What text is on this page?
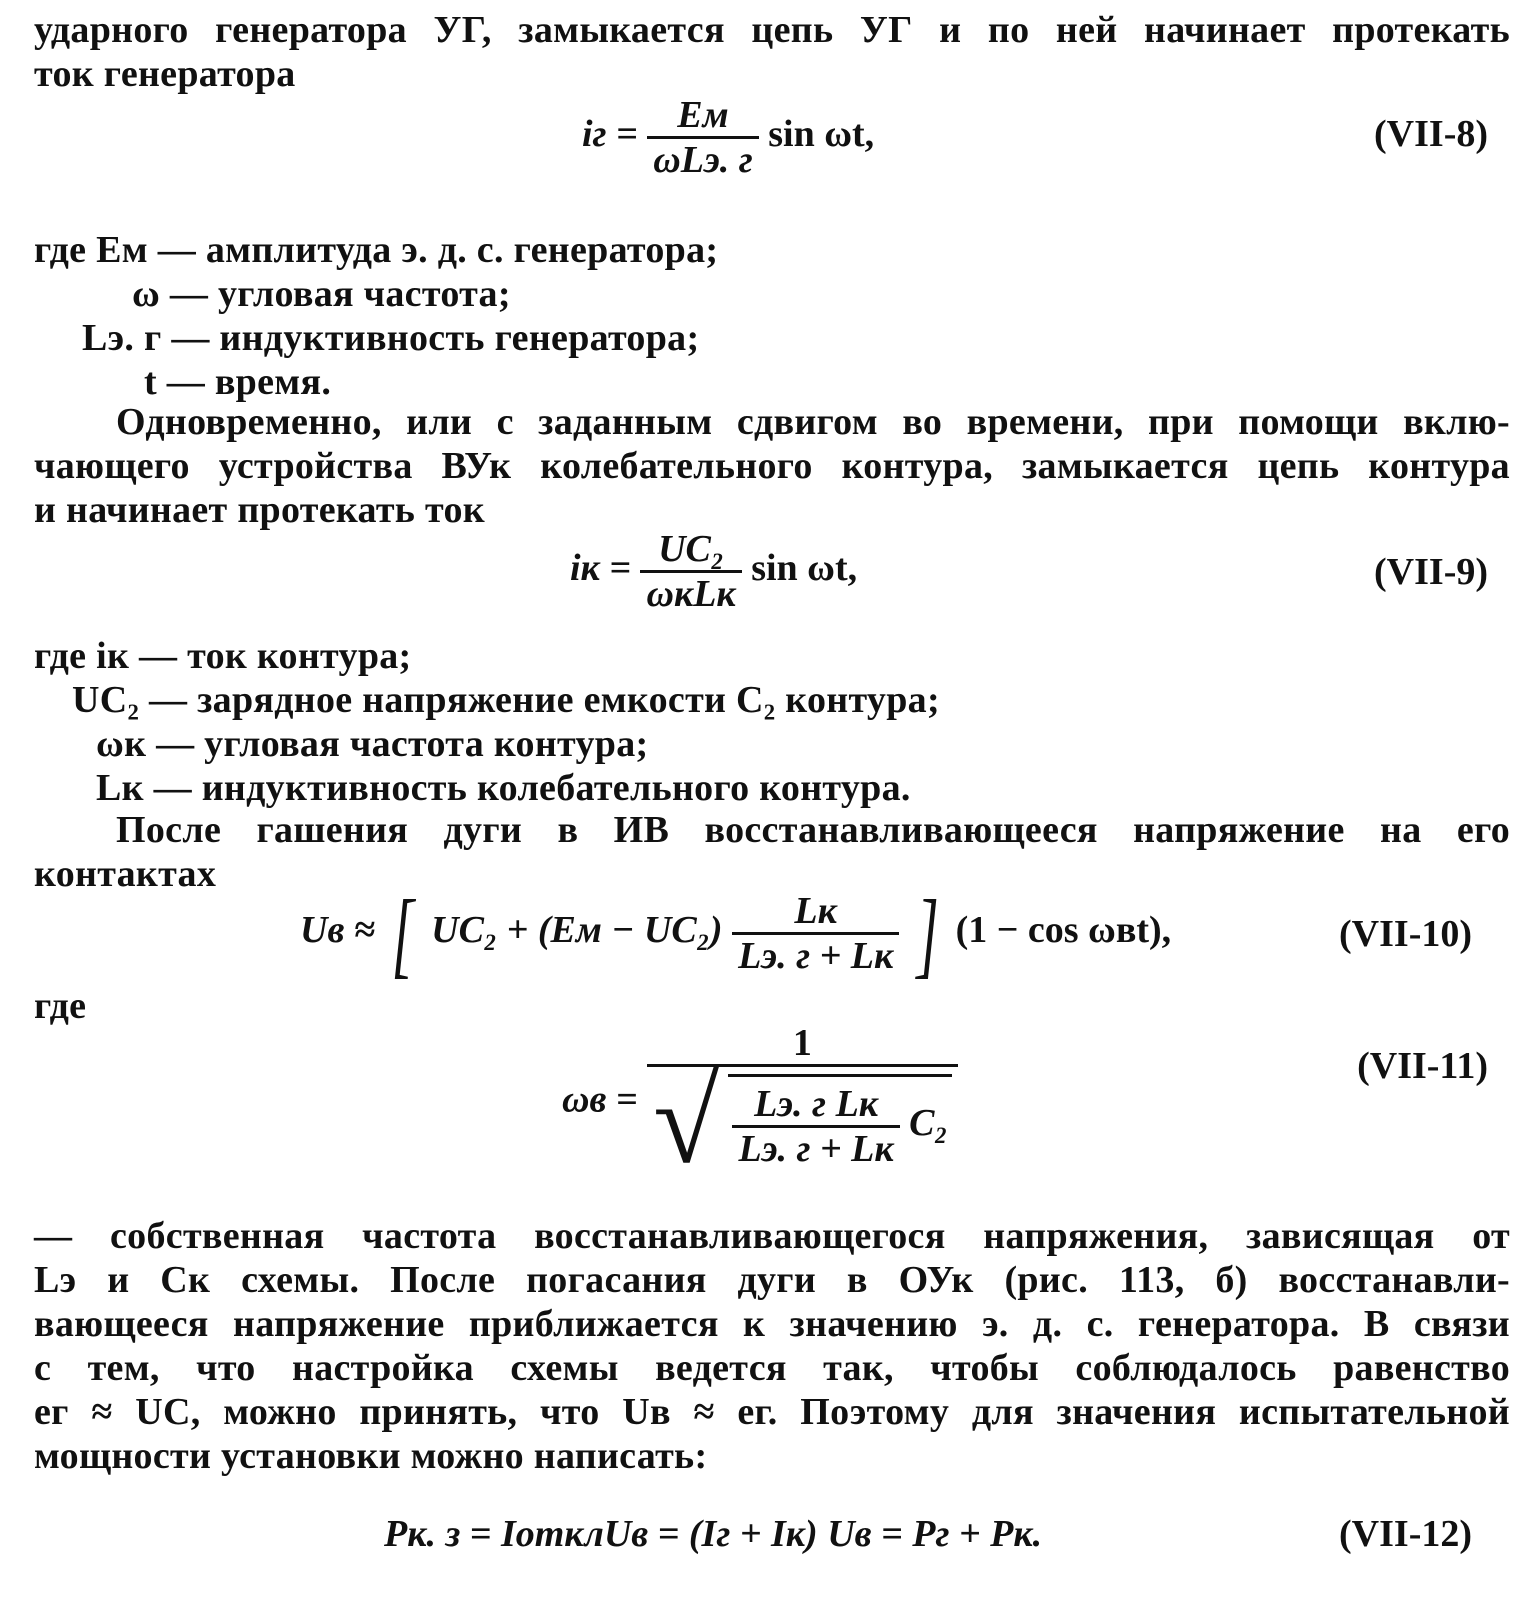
ударного генератора УГ, замыкается цепь УГ и по ней начинает протекать
ток генератора
iг = $\frac{Eм}{\text{ωLэ. г}}$ sin ωt,	(VII-8)
где Eм — амплитуда э. д. с. генератора;
ω — угловая частота;
Lэ. г — индуктивность генератора;
t — время.
Одновременно, или с заданным сдвигом во времени, при помощи вклю-
чающего устройства ВУк колебательного контура, замыкается цепь контура
и начинает протекать ток
iк = $\frac{\text{UC₂}}{\text{ωкLк}}$ sin ωt,	(VII-9)
где iк — ток контура;
UC₂ — зарядное напряжение емкости C₂ контура;
ωк — угловая частота контура;
Lк — индуктивность колебательного контура.
После гашения дуги в ИВ восстанавливающееся напряжение на его
контактах
Uв ≈ [ $UC_2 + (Eм - UC_2) \frac{Lк}{Lэ. г + Lк}$ ] (1 − cos ωвt),	(VII-10)
где
ωв =
1
√ $\frac{\text{Lэ. г Lк}}{Lэ. г + Lк} C_2$
(VII-11)
— собственная частота восстанавливающегося напряжения, зависящая от
Lэ и Cк схемы. После погасания дуги в ОУк (рис. 113, б) восстанавли-
вающееся напряжение приближается к значению э. д. с. генератора. В связи
с тем, что настройка схемы ведется так, чтобы соблюдалось равенство
eг ≈ UC, можно принять, что Uв ≈ eг. Поэтому для значения испытательной
мощности установки можно написать:
Pк. з = IотклUв = (Iг + Iк) Uв = Pг + Pк.	(VII-12)
